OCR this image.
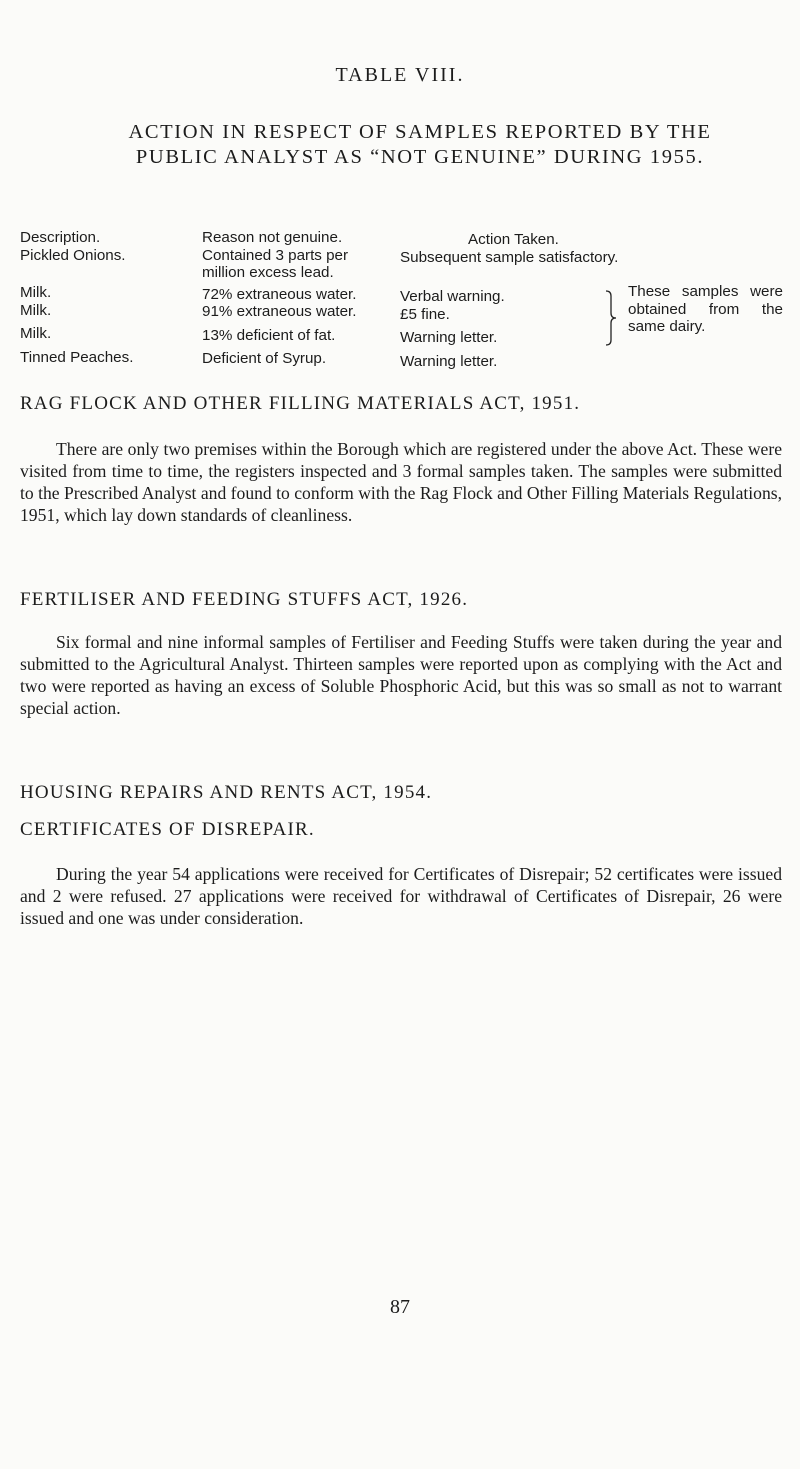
TABLE VIII.
ACTION IN RESPECT OF SAMPLES REPORTED BY THE PUBLIC ANALYST AS “NOT GENUINE” DURING 1955.
Description.
Pickled Onions.
Milk.
Milk.
Milk.
Tinned Peaches.
Reason not genuine.
Contained 3 parts per
million excess lead.
72% extraneous water.
91% extraneous water.
13% deficient of fat.
Deficient of Syrup.
Action Taken.
Subsequent sample satisfactory.
Verbal warning.
£5 fine.
Warning letter.
Warning letter.
These samples were obtained from the same dairy.
RAG FLOCK AND OTHER FILLING MATERIALS ACT, 1951.

There are only two premises within the Borough which are registered under the above Act. These were visited from time to time, the registers inspected and 3 formal samples taken. The samples were submitted to the Prescribed Analyst and found to conform with the Rag Flock and Other Filling Materials Regulations, 1951, which lay down standards of cleanliness.

FERTILISER AND FEEDING STUFFS ACT, 1926.

Six formal and nine informal samples of Fertiliser and Feeding Stuffs were taken during the year and submitted to the Agricultural Analyst. Thirteen samples were reported upon as complying with the Act and two were reported as having an excess of Soluble Phosphoric Acid, but this was so small as not to warrant special action.

HOUSING REPAIRS AND RENTS ACT, 1954.
CERTIFICATES OF DISREPAIR.

During the year 54 applications were received for Certificates of Disrepair; 52 certificates were issued and 2 were refused. 27 applications were received for withdrawal of Certificates of Disrepair, 26 were issued and one was under consideration.

87
